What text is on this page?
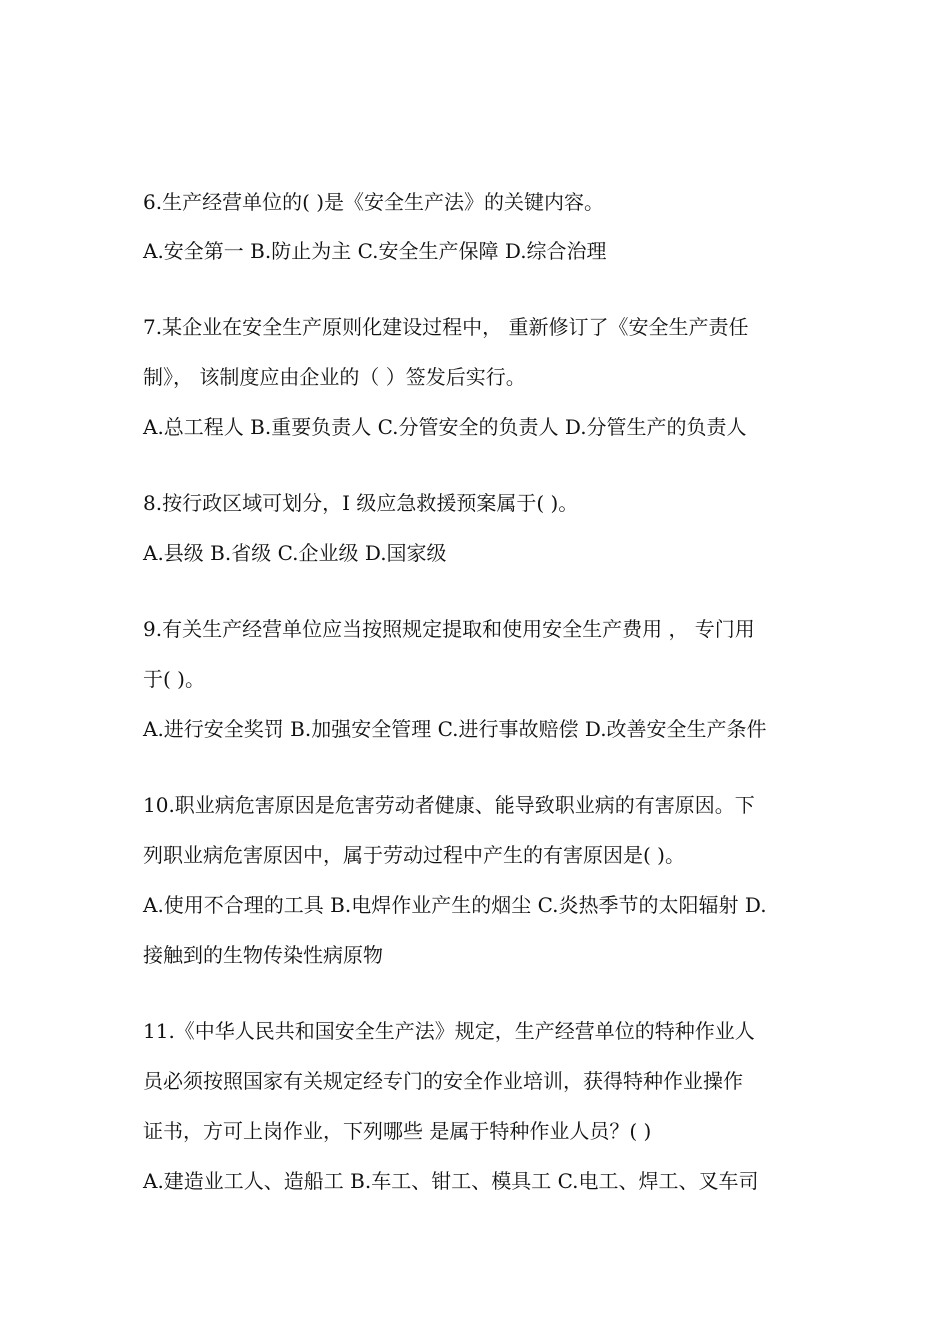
6.生产经营单位的( )是《安全生产法》的关键内容。

A.安全第一 B.防止为主 C.安全生产保障 D.综合治理

7.某企业在安全生产原则化建设过程中， 重新修订了《安全生产责任

制》， 该制度应由企业的（ ）签发后实行。

A.总工程人 B.重要负责人 C.分管安全的负责人 D.分管生产的负责人

8.按行政区域可划分，I 级应急救援预案属于( )。

A.县级 B.省级 C.企业级 D.国家级

9.有关生产经营单位应当按照规定提取和使用安全生产费用 ， 专门用

于( )。

A.进行安全奖罚 B.加强安全管理 C.进行事故赔偿 D.改善安全生产条件

10.职业病危害原因是危害劳动者健康、能导致职业病的有害原因。下

列职业病危害原因中，属于劳动过程中产生的有害原因是( )。

A.使用不合理的工具 B.电焊作业产生的烟尘 C.炎热季节的太阳辐射 D.

接触到的生物传染性病原物

11.《中华人民共和国安全生产法》规定，生产经营单位的特种作业人

员必须按照国家有关规定经专门的安全作业培训，获得特种作业操作

证书，方可上岗作业，下列哪些 是属于特种作业人员？( )

A.建造业工人、造船工 B.车工、钳工、模具工 C.电工、焊工、叉车司
